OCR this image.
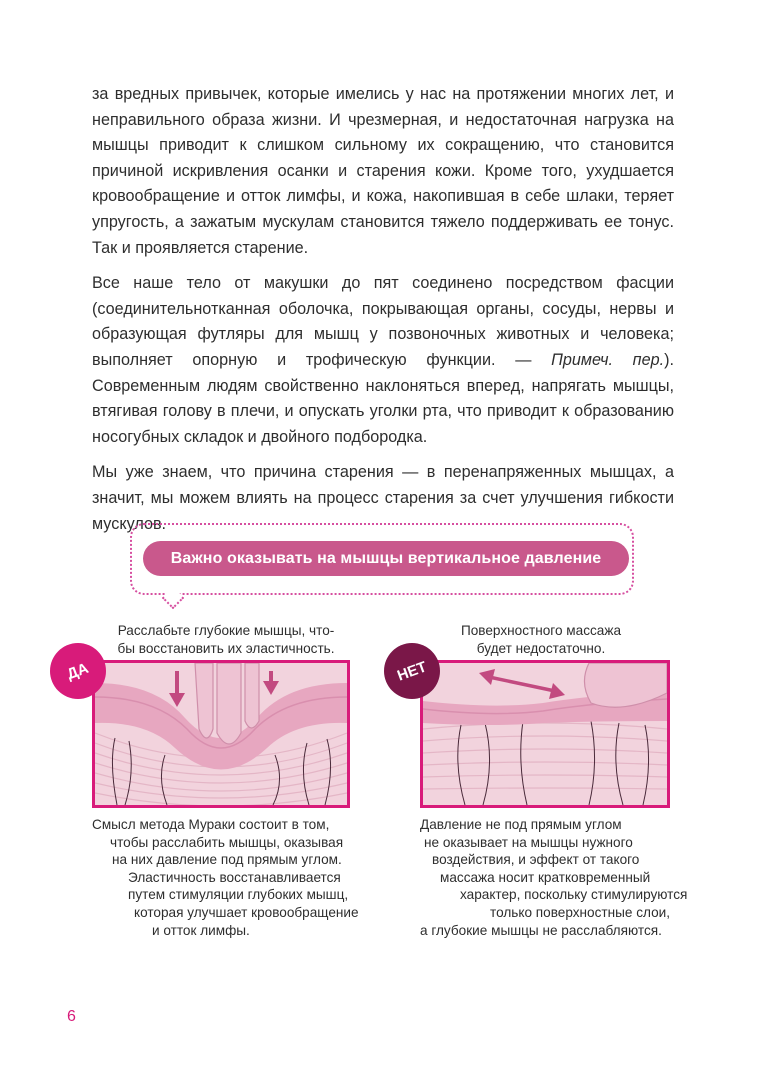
за вредных привычек, которые имелись у нас на протяжении многих лет, и неправильного образа жизни. И чрезмерная, и недостаточная нагрузка на мышцы приводит к слишком сильному их сокращению, что становится причиной искривления осанки и старения кожи. Кроме того, ухудшается кровообращение и отток лимфы, и кожа, накопившая в себе шлаки, теряет упругость, а зажатым мускулам становится тяжело поддерживать ее тонус. Так и проявляется старение.

Все наше тело от макушки до пят соединено посредством фасции (соединительнотканная оболочка, покрывающая органы, сосуды, нервы и образующая футляры для мышц у позвоночных животных и человека; выполняет опорную и трофическую функции. — Примеч. пер.). Современным людям свойственно наклоняться вперед, напрягать мышцы, втягивая голову в плечи, и опускать уголки рта, что приводит к образованию носогубных складок и двойного подбородка.

Мы уже знаем, что причина старения — в перенапряженных мышцах, а значит, мы можем влиять на процесс старения за счет улучшения гибкости мускулов.

Важно оказывать на мышцы вертикальное давление
Расслабьте глубокие мышцы, что-
бы восстановить их эластичность.
ДА
Смысл метода Мураки состоит в том,
чтобы расслабить мышцы, оказывая
на них давление под прямым углом.
Эластичность восстанавливается
путем стимуляции глубоких мышц,
которая улучшает кровообращение
и отток лимфы.
Поверхностного массажа
будет недостаточно.
НЕТ
Давление не под прямым углом
не оказывает на мышцы нужного
воздействия, и эффект от такого
массажа носит кратковременный
характер, поскольку стимулируются
только поверхностные слои,
а глубокие мышцы не расслабляются.
6
